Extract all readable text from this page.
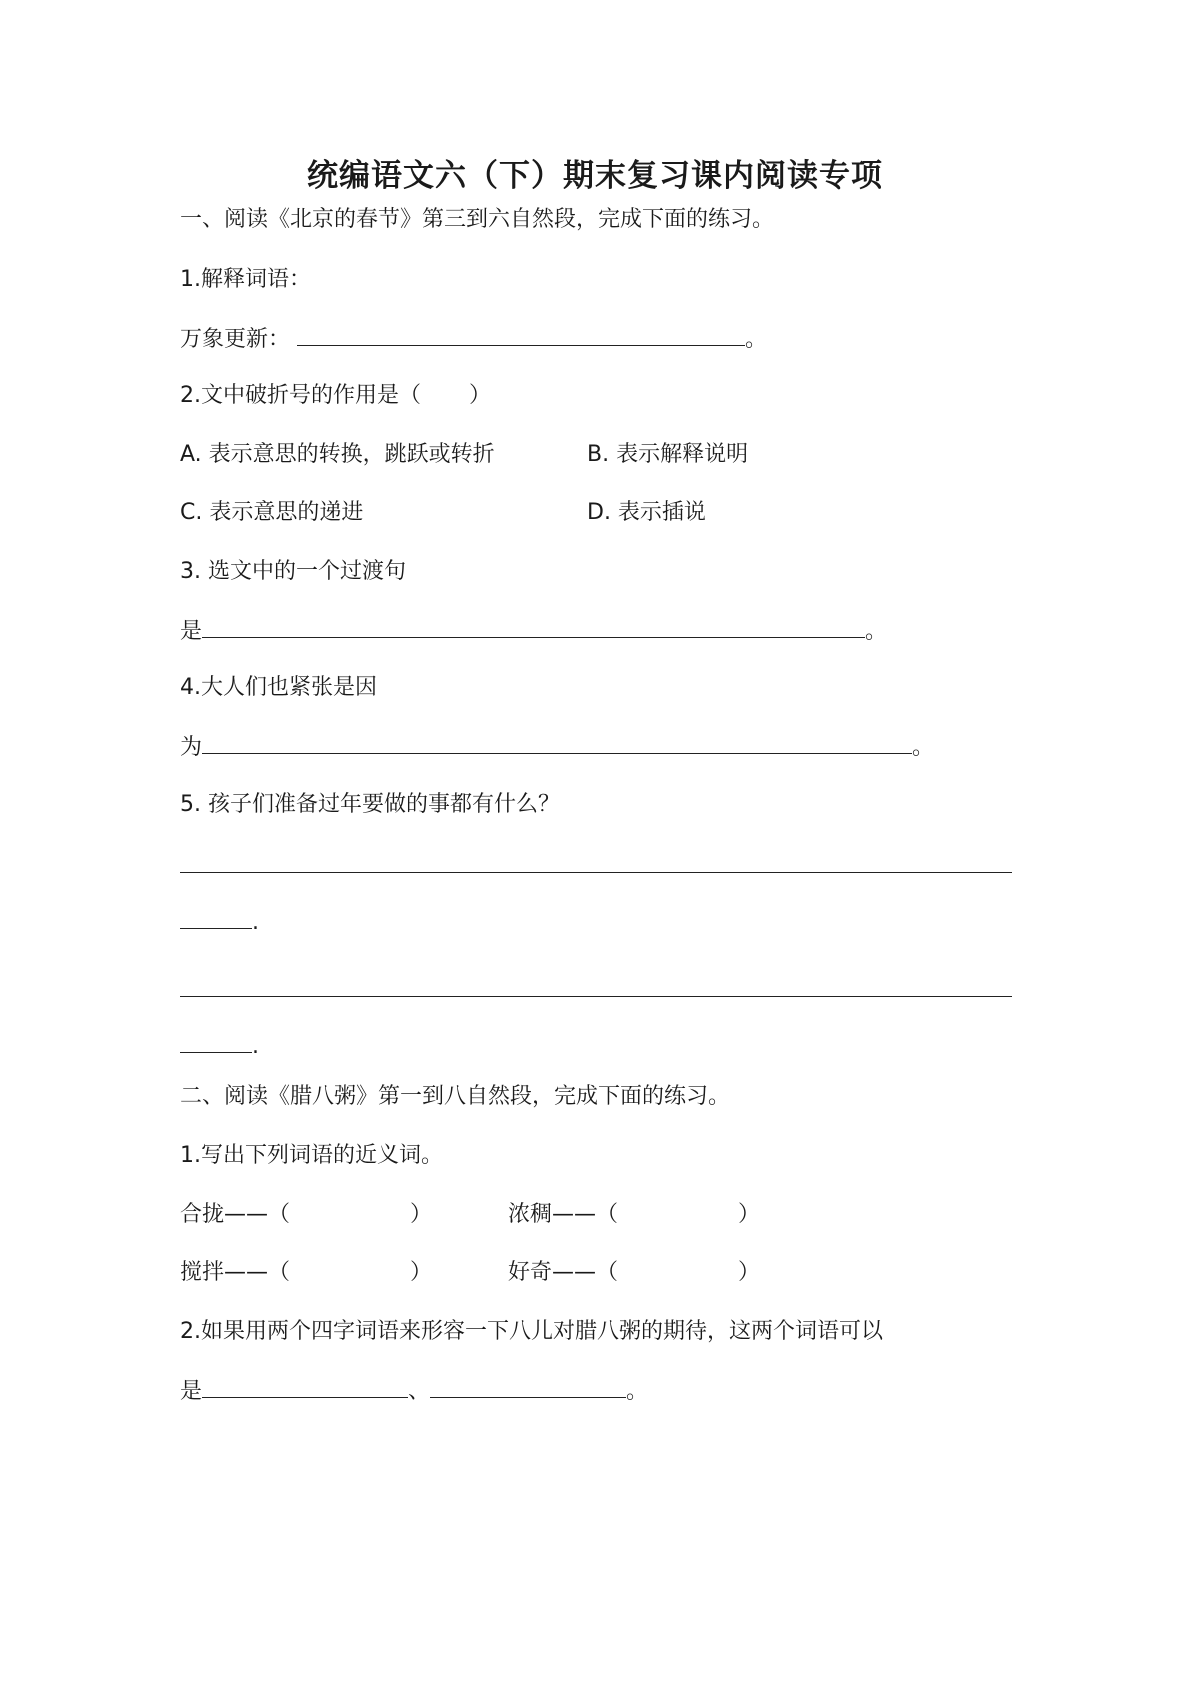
统编语文六（下）期末复习课内阅读专项
一、阅读《北京的春节》第三到六自然段，完成下面的练习。
1.解释词语：
万象更新：	。
2.文中破折号的作用是（ ）
A. 表示意思的转换，跳跃或转折	B. 表示解释说明
C. 表示意思的递进	D. 表示插说
3. 选文中的一个过渡句
是	。
4.大人们也紧张是因
为	。
5. 孩子们准备过年要做的事都有什么？
.
.
二、阅读《腊八粥》第一到八自然段，完成下面的练习。
1.写出下列词语的近义词。
合拢——（	）	浓稠——（	）
搅拌——（	）	好奇——（	）
2.如果用两个四字词语来形容一下八儿对腊八粥的期待，这两个词语可以
是	、	。
